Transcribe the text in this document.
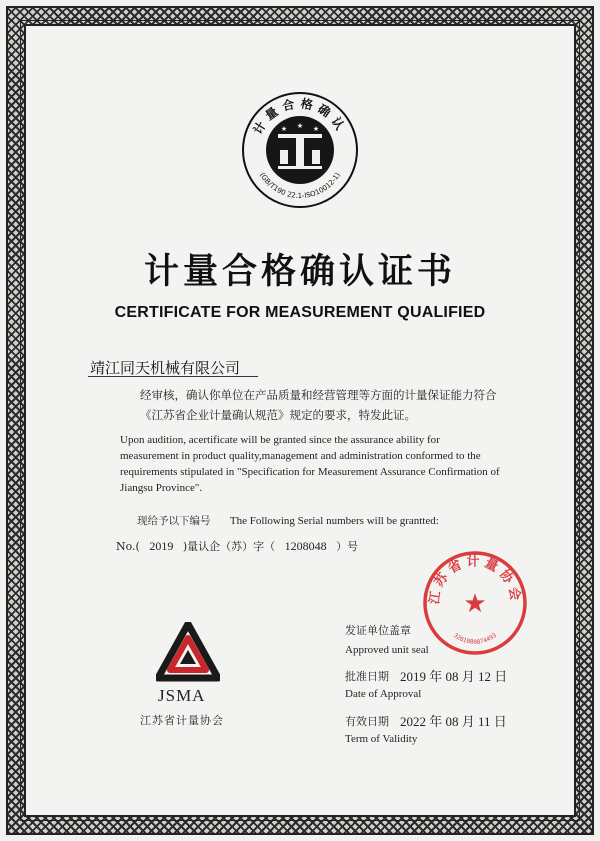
计量合格确认
(GB/T190 22.1-ISO10012-1)
★ ★ ★
计量合格确认证书
CERTIFICATE FOR MEASUREMENT QUALIFIED
靖江同天机械有限公司
经审核，确认你单位在产品质量和经营管理等方面的计量保证能力符合《江苏省企业计量确认规范》规定的要求，特发此证。
Upon audition, acertificate will be granted since the assurance ability for measurement in product quality,management and administration conformed to the requirements stipulated in "Specification for Measurement Assurance Confirmation of Jiangsu Province".
现给予以下编号 The Following Serial numbers will be grantted:
No.( 2019 )量认企（苏）字（ 1208048 ）号
江苏省计量协会
3201080074493
★
发证单位盖章
Approved unit seal
批准日期 2019 年 08 月 12 日
Date of Approval
有效日期 2022 年 08 月 11 日
Term of Validity
JSMA
江苏省计量协会
